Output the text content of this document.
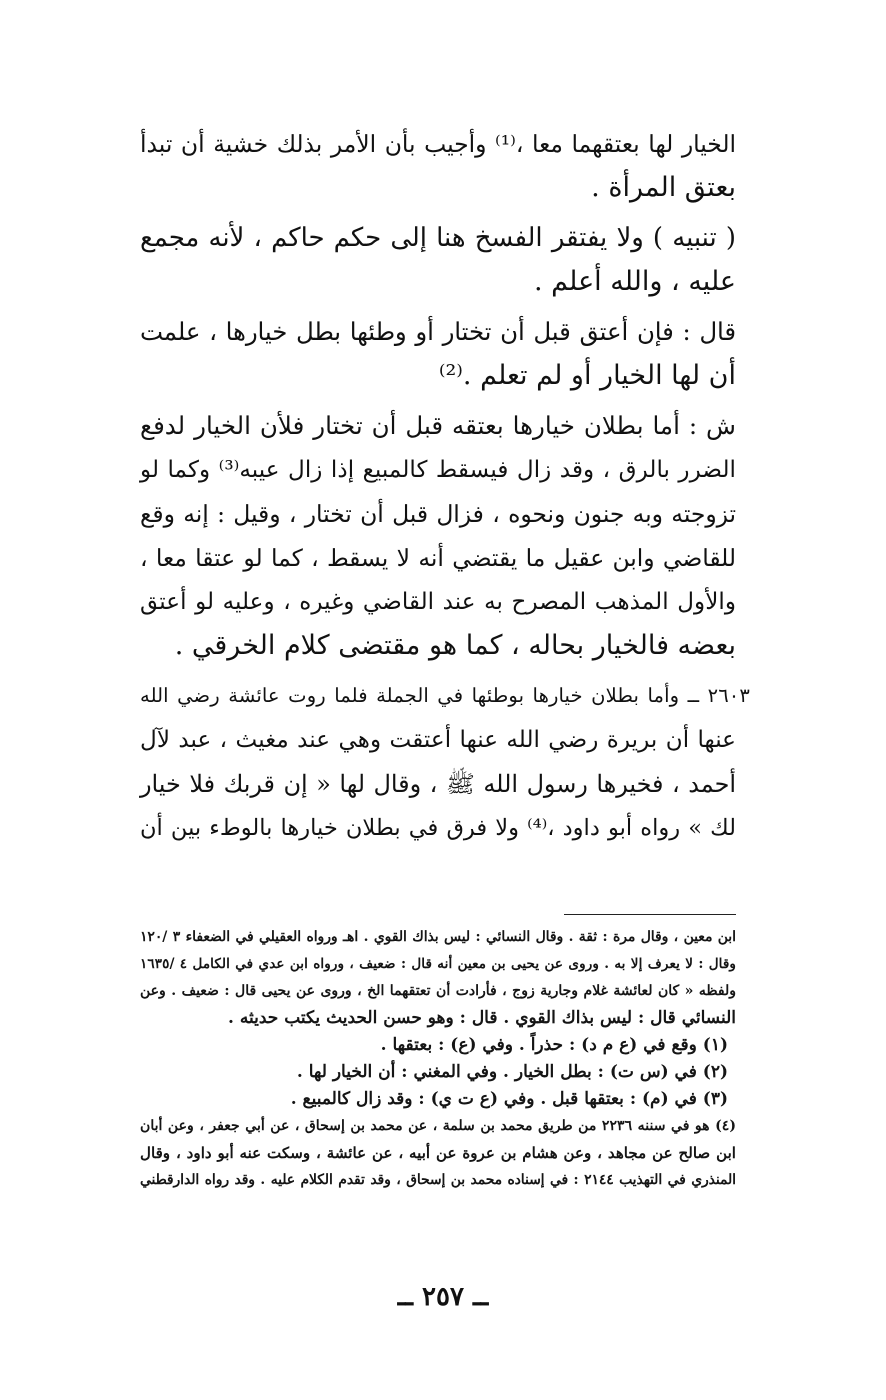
الخيار لها بعتقهما معا ،⁽¹⁾ وأجيب بأن الأمر بذلك خشية أن تبدأ
بعتق المرأة .
( تنبيه ) ولا يفتقر الفسخ هنا إلى حكم حاكم ، لأنه مجمع
عليه ، والله أعلم .
قال : فإن أعتق قبل أن تختار أو وطئها بطل خيارها ، علمت
أن لها الخيار أو لم تعلم .⁽²⁾
ش : أما بطلان خيارها بعتقه قبل أن تختار فلأن الخيار لدفع
الضرر بالرق ، وقد زال فيسقط كالمبيع إذا زال عيبه⁽³⁾ وكما لو
تزوجته وبه جنون ونحوه ، فزال قبل أن تختار ، وقيل : إنه وقع
للقاضي وابن عقيل ما يقتضي أنه لا يسقط ، كما لو عتقا معا ،
والأول المذهب المصرح به عند القاضي وغيره ، وعليه لو أعتق
بعضه فالخيار بحاله ، كما هو مقتضى كلام الخرقي .
٢٦٠٣ ــ وأما بطلان خيارها بوطئها في الجملة فلما روت عائشة رضي الله
عنها أن بريرة رضي الله عنها أعتقت وهي عند مغيث ، عبد لآل
أحمد ، فخيرها رسول الله ﷺ ، وقال لها « إن قربك فلا خيار
لك » رواه أبو داود ،⁽⁴⁾ ولا فرق في بطلان خيارها بالوطء بين أن
ابن معين ، وقال مرة : ثقة . وقال النسائي : ليس بذاك القوي . اهـ ورواه العقيلي في الضعفاء ٣ /١٢٠
وقال : لا يعرف إلا به . وروى عن يحيى بن معين أنه قال : ضعيف ، ورواه ابن عدي في الكامل ٤ /١٦٣٥
ولفظه « كان لعائشة غلام وجارية زوج ، فأرادت أن تعتقهما الخ ، وروى عن يحيى قال : ضعيف . وعن
النسائي قال : ليس بذاك القوي . قال : وهو حسن الحديث يكتب حديثه .
(١) وقع في (ع م د) : حذراً . وفي (ع) : بعتقها .
(٢) في (س ت) : بطل الخيار . وفي المغني : أن الخيار لها .
(٣) في (م) : بعتقها قبل . وفي (ع ت ي) : وقد زال كالمبيع .
(٤) هو في سننه ٢٢٣٦ من طريق محمد بن سلمة ، عن محمد بن إسحاق ، عن أبي جعفر ، وعن أبان
ابن صالح عن مجاهد ، وعن هشام بن عروة عن أبيه ، عن عائشة ، وسكت عنه أبو داود ، وقال
المنذري في التهذيب ٢١٤٤ : في إسناده محمد بن إسحاق ، وقد تقدم الكلام عليه . وقد رواه الدارقطني
ــ ٢٥٧ ــ
